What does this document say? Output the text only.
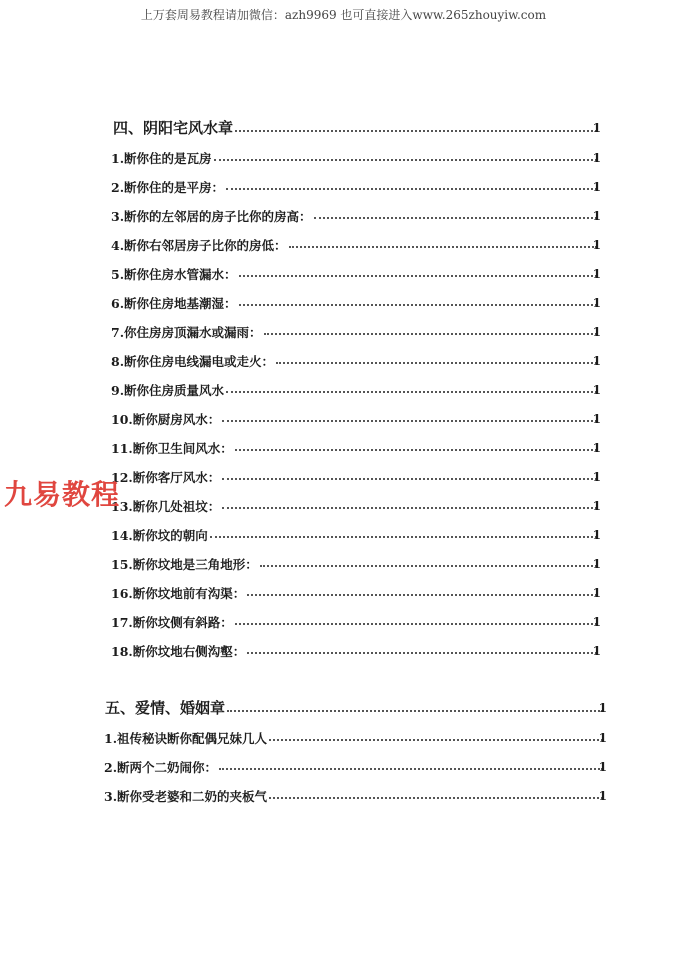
上万套周易教程请加微信：azh9969 也可直接进入www.265zhouyiw.com
四、阴阳宅风水章	1
1.断你住的是瓦房	1
2.断你住的是平房：	1
3.断你的左邻居的房子比你的房高：	1
4.断你右邻居房子比你的房低：	1
5.断你住房水管漏水：	1
6.断你住房地基潮湿：	1
7.你住房房顶漏水或漏雨：	1
8.断你住房电线漏电或走火：	1
9.断你住房质量风水	1
10.断你厨房风水：	1
11.断你卫生间风水：	1
12.断你客厅风水：	1
13.断你几处祖坟：	1
14.断你坟的朝向	1
15.断你坟地是三角地形：	1
16.断你坟地前有沟渠：	1
17.断你坟侧有斜路：	1
18.断你坟地右侧沟壑：	1
五、爱情、婚姻章	1
1.祖传秘诀断你配偶兄妹几人	1
2.断两个二奶闹你：	1
3.断你受老婆和二奶的夹板气	1
九易教程
